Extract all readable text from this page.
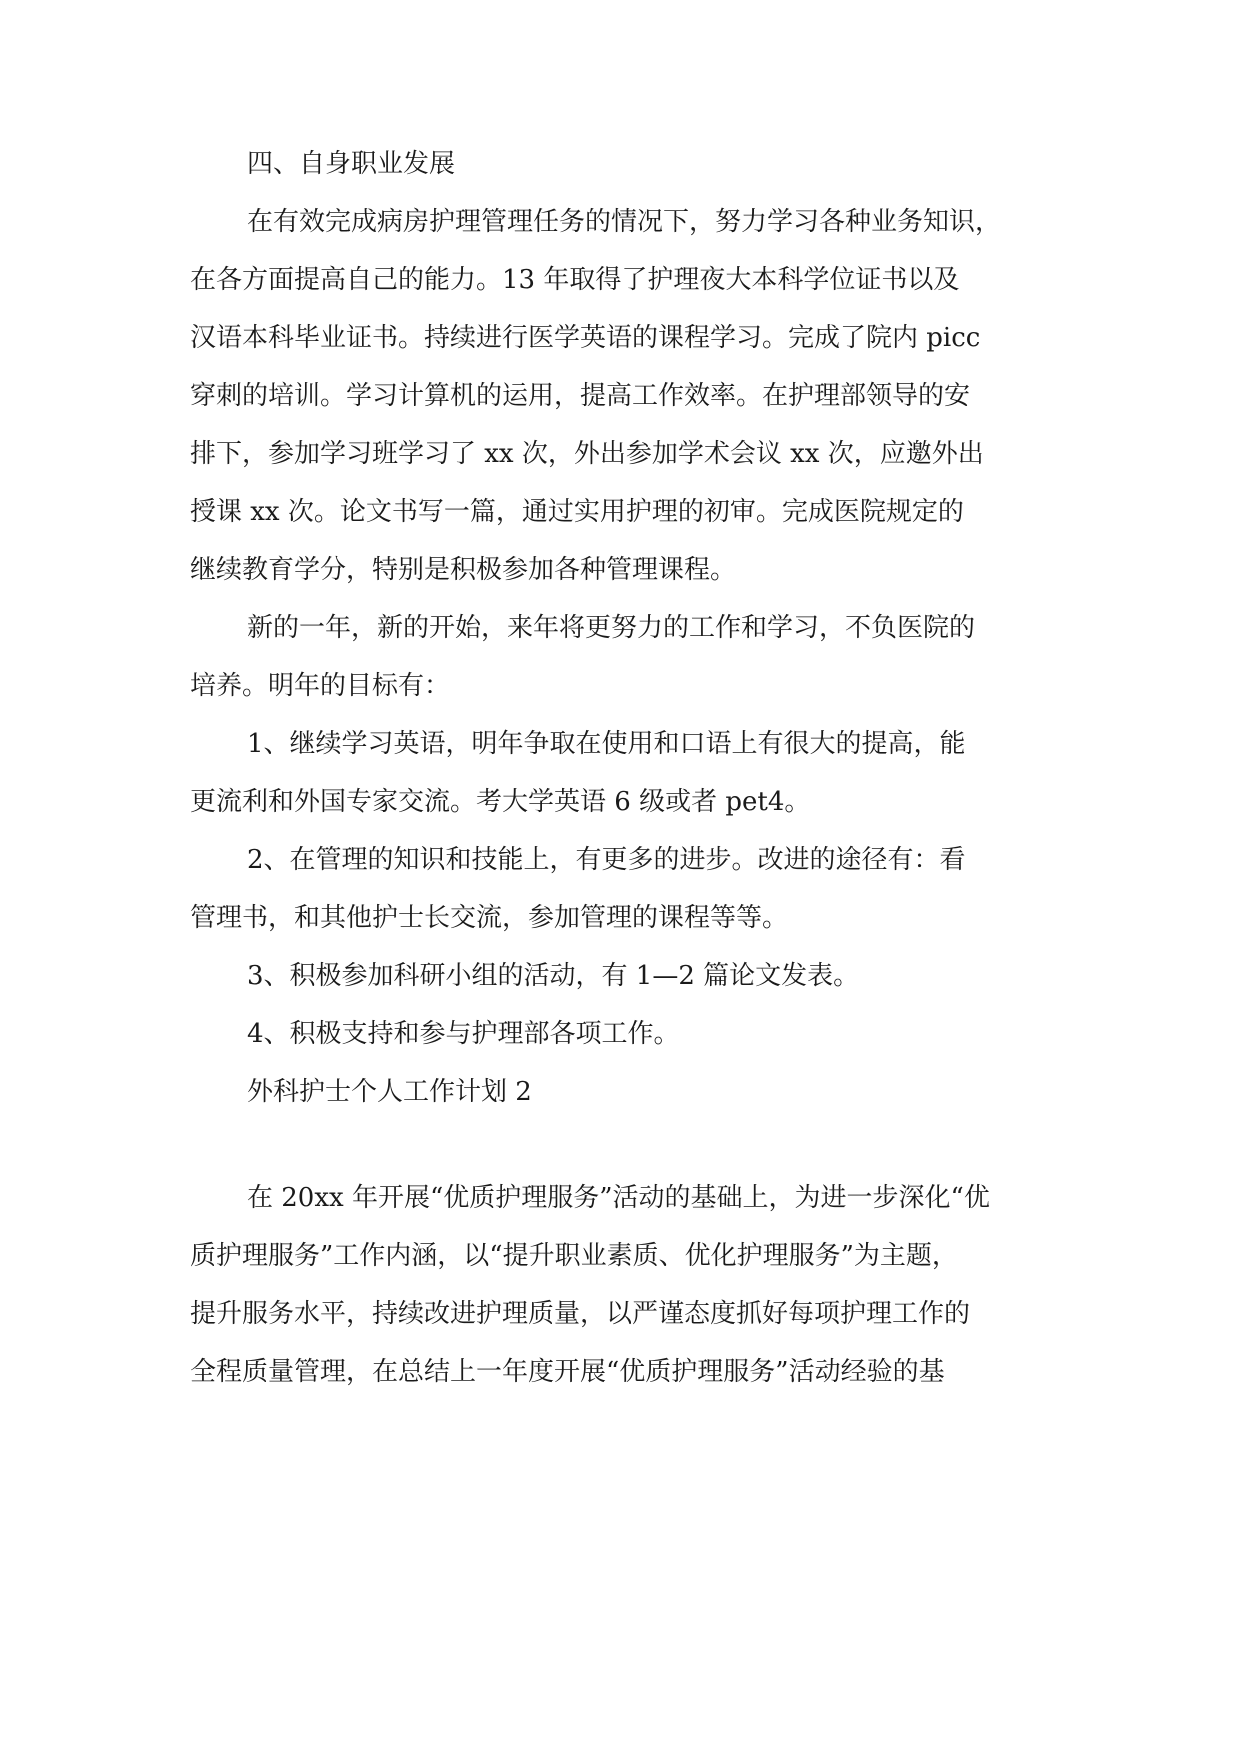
四、自身职业发展
在有效完成病房护理管理任务的情况下，努力学习各种业务知识，
在各方面提高自己的能力。13 年取得了护理夜大本科学位证书以及
汉语本科毕业证书。持续进行医学英语的课程学习。完成了院内 picc
穿刺的培训。学习计算机的运用，提高工作效率。在护理部领导的安
排下，参加学习班学习了 xx 次，外出参加学术会议 xx 次，应邀外出
授课 xx 次。论文书写一篇，通过实用护理的初审。完成医院规定的
继续教育学分，特别是积极参加各种管理课程。
新的一年，新的开始，来年将更努力的工作和学习，不负医院的
培养。明年的目标有：
1、继续学习英语，明年争取在使用和口语上有很大的提高，能
更流利和外国专家交流。考大学英语 6 级或者 pet4。
2、在管理的知识和技能上，有更多的进步。改进的途径有：看
管理书，和其他护士长交流，参加管理的课程等等。
3、积极参加科研小组的活动，有 1—2 篇论文发表。
4、积极支持和参与护理部各项工作。
外科护士个人工作计划 2
在 20xx 年开展“优质护理服务”活动的基础上，为进一步深化“优
质护理服务”工作内涵，以“提升职业素质、优化护理服务”为主题，
提升服务水平，持续改进护理质量，以严谨态度抓好每项护理工作的
全程质量管理，在总结上一年度开展“优质护理服务”活动经验的基
